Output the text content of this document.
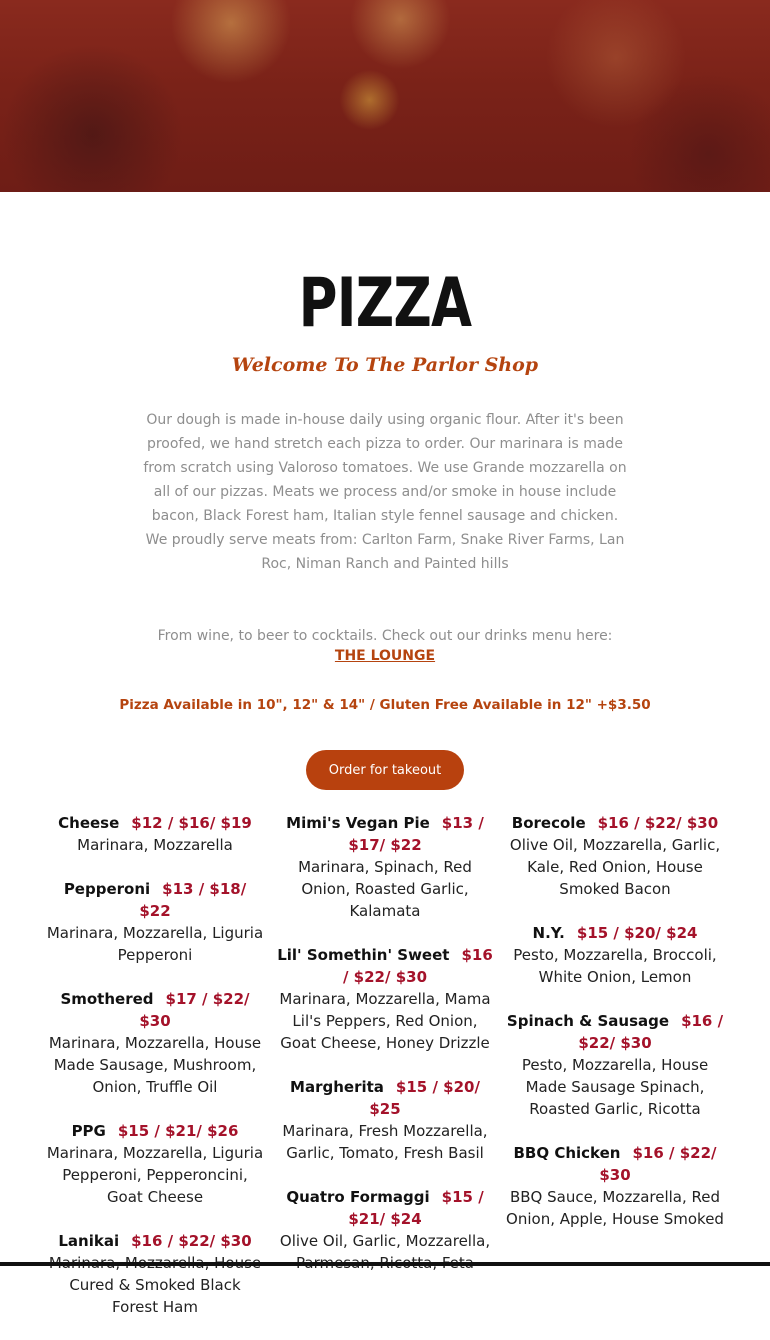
PIZZA
Welcome To The Parlor Shop
Our dough is made in-house daily using organic flour. After it's been proofed, we hand stretch each pizza to order. Our marinara is made from scratch using Valoroso tomatoes. We use Grande mozzarella on all of our pizzas. Meats we process and/or smoke in house include bacon, Black Forest ham, Italian style fennel sausage and chicken. We proudly serve meats from: Carlton Farm, Snake River Farms, Lan Roc, Niman Ranch and Painted hills
From wine, to beer to cocktails. Check out our drinks menu here:
THE LOUNGE
Pizza Available in 10", 12" & 14" / Gluten Free Available in 12" +$3.50
Order for takeout
Cheese $12 / $16/ $19
Marinara, Mozzarella
Pepperoni $13 / $18/ $22
Marinara, Mozzarella, Liguria Pepperoni
Smothered $17 / $22/ $30
Marinara, Mozzarella, House Made Sausage, Mushroom, Onion, Truffle Oil
PPG $15 / $21/ $26
Marinara, Mozzarella, Liguria Pepperoni, Pepperoncini, Goat Cheese
Lanikai $16 / $22/ $30
Cured & Smoked Black Forest Ham
Mimi's Vegan Pie $13 / $17/ $22
Marinara, Spinach, Red Onion, Roasted Garlic, Kalamata
Lil' Somethin' Sweet $16 / $22/ $30
Marinara, Mozzarella, Mama Lil's Peppers, Red Onion, Goat Cheese, Honey Drizzle
Margherita $15 / $20/ $25
Marinara, Fresh Mozzarella, Garlic, Tomato, Fresh Basil
Quatro Formaggi $15 / $21/ $24
Olive Oil, Garlic, Mozzarella,
Borecole $16 / $22/ $30
Olive Oil, Mozzarella, Garlic, Kale, Red Onion, House Smoked Bacon
N.Y. $15 / $20/ $24
Pesto, Mozzarella, Broccoli, White Onion, Lemon
Spinach & Sausage $16 / $22/ $30
Pesto, Mozzarella, House Made Sausage Spinach, Roasted Garlic, Ricotta
BBQ Chicken $16 / $22/ $30
BBQ Sauce, Mozzarella, Red Onion, Apple, House Smoked
